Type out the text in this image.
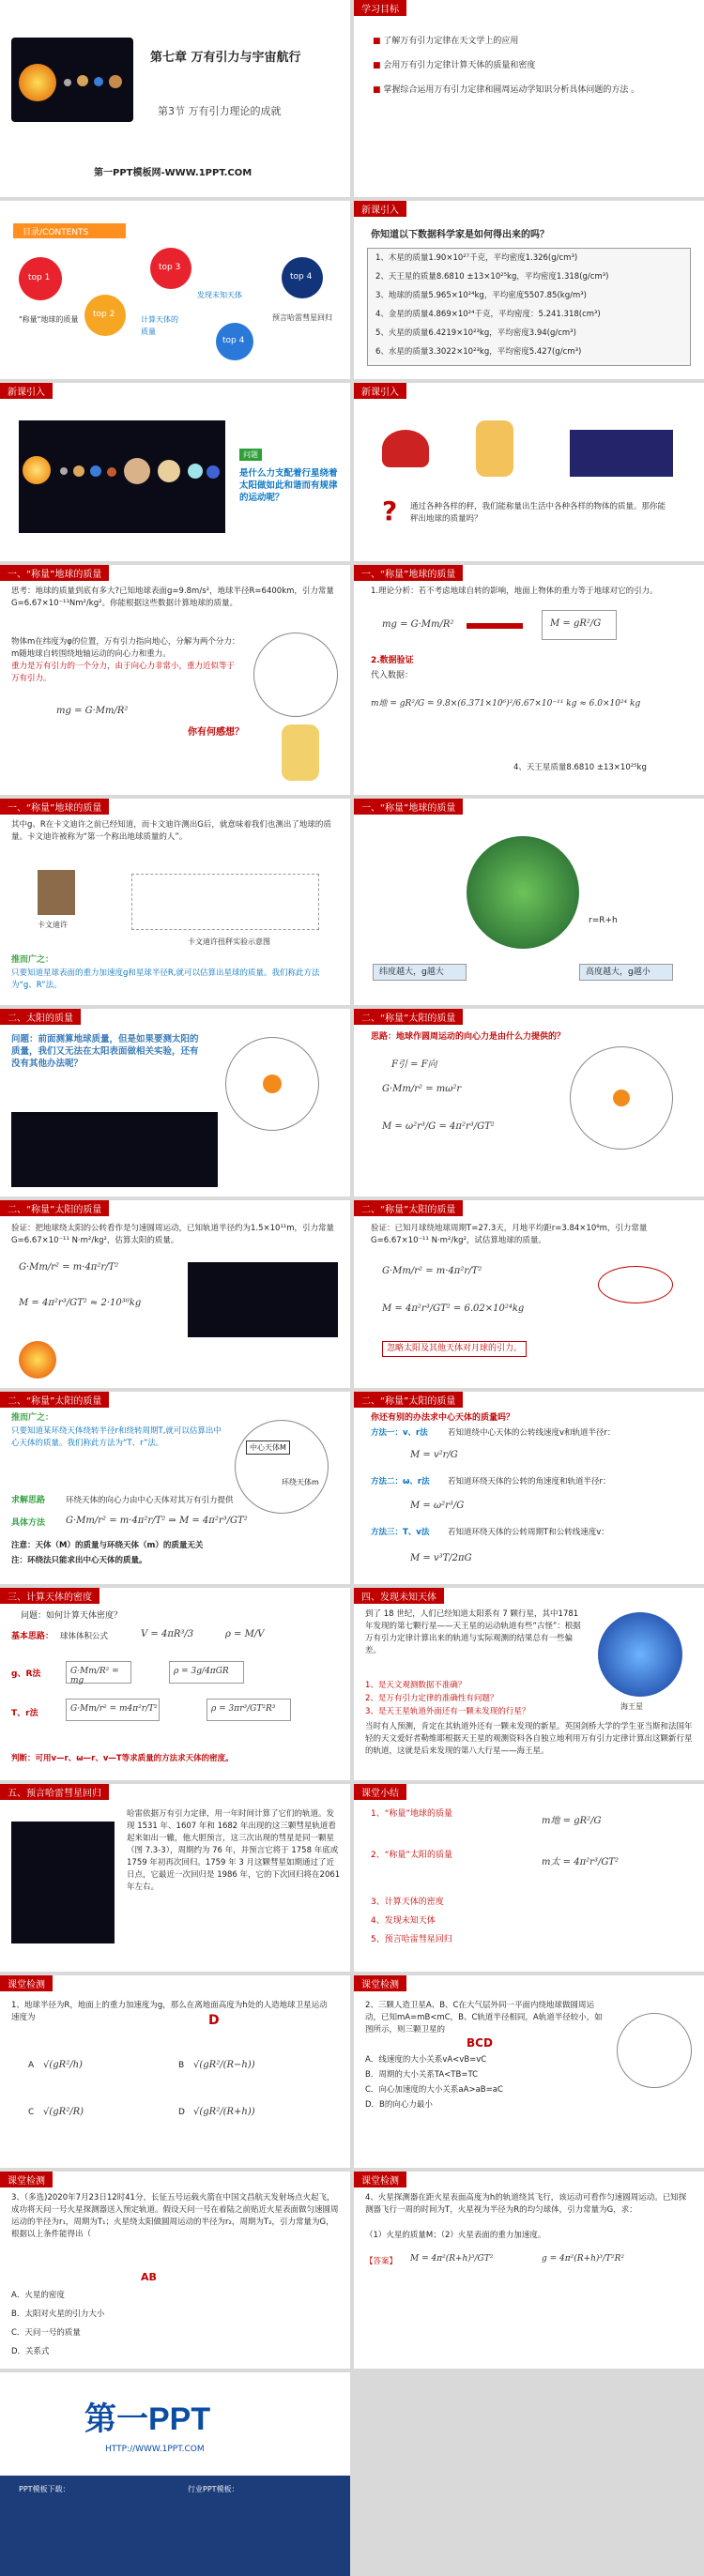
第七章 万有引力与宇宙航行
第3节 万有引力理论的成就
第一PPT模板网-WWW.1PPT.COM
学习目标
■ 了解万有引力定律在天文学上的应用
■ 会用万有引力定律计算天体的质量和密度
■ 掌握综合运用万有引力定律和圆周运动学知识分析具体问题的方法 。
目录/CONTENTS
top 1
top 2
top 3
top 4
top 4
"称量"地球的质量	计算天体的质量
发现未知天体
预言哈雷彗星回归
新课引入
你知道以下数据科学家是如何得出来的吗？
1、木星的质量1.90×10²⁷千克，平均密度1.326(g/cm³)
2、天王星的质量8.6810 ±13×10²⁵kg，平均密度1.318(g/cm³)
3、地球的质量5.965×10²⁴kg，平均密度5507.85(kg/m³)
4、金星的质量4.869×10²⁴千克，平均密度：5.241.318(cm³)
5、火星的质量6.4219×10²³kg，平均密度3.94(g/cm³)
6、水星的质量3.3022×10²³kg，平均密度5.427(g/cm³)
新课引入
问题
是什么力支配着行星绕着太阳做如此和谐而有规律的运动呢？
新课引入
? 通过各种各样的秤，我们能称量出生活中各种各样的物体的质量。那你能秤出地球的质量吗？
一、“称量”地球的质量
思考：地球的质量到底有多大?已知地球表面g=9.8m/s²，地球半径R=6400km，引力常量G=6.67×10⁻¹¹Nm²/kg²。你能根据这些数据计算地球的质量。
物体m在纬度为φ的位置，万有引力指向地心，分解为两个分力：m随地球自转围绕地轴运动的向心力和重力。
重力是万有引力的一个分力，由于向心力非常小，重力近似等于万有引力。
mg = G·Mm/R²
你有何感想？
一、“称量”地球的质量
1.理论分析：若不考虑地球自转的影响，地面上物体的重力等于地球对它的引力。
mg = G·Mm/R²	M = gR²/G
2.数据验证
代入数据：
m地 = gR²/G = 9.8×(6.371×10⁶)²/6.67×10⁻¹¹ kg ≈ 6.0×10²⁴ kg
4、天王星质量8.6810 ±13×10²⁵kg
一、“称量”地球的质量
其中g、R在卡文迪许之前已经知道，而卡文迪许测出G后，就意味着我们也测出了地球的质量。卡文迪许被称为“第一个称出地球质量的人”。
卡文迪许
卡文迪许扭秤实验示意图
推而广之：
只要知道星球表面的重力加速度g和星球半径R,就可以估算出星球的质量。我们称此方法为“g、R”法。
一、“称量”地球的质量
r=R+h
纬度越大，g越大	高度越大，g越小
二、太阳的质量
问题：前面测算地球质量，但是如果要测太阳的质量，我们又无法在太阳表面做相关实验，还有没有其他办法呢？
二、“称量”太阳的质量
思路：地球作圆周运动的向心力是由什么力提供的？
F引 = F向
G·Mm/r² = mω²r
M = ω²r³/G = 4π²r³/GT²
二、“称量”太阳的质量
验证：把地球绕太阳的公转看作是匀速圆周运动，已知轨道半径约为1.5×10¹¹m，引力常量G=6.67×10⁻¹¹ N·m²/kg²，估算太阳的质量。
G·Mm/r² = m·4π²r/T²
M = 4π²r³/GT² ≈ 2·10³⁰kg
二、“称量”太阳的质量
验证：已知月球绕地球周期T=27.3天，月地平均距r=3.84×10⁸m，引力常量G=6.67×10⁻¹¹ N·m²/kg²，试估算地球的质量。
G·Mm/r² = m·4π²r/T²
M = 4π²r³/GT² = 6.02×10²⁴kg
忽略太阳及其他天体对月球的引力。
二、“称量”太阳的质量
推而广之：
只要知道某环绕天体绕转半径r和绕转周期T,就可以估算出中心天体的质量。我们称此方法为“T、r”法。	中心天体M
环绕天体m
求解思路	环绕天体的向心力由中心天体对其万有引力提供
具体方法 G·Mm/r² = m·4π²r/T² ⇒ M = 4π²r³/GT²
注意：天体（M）的质量与环绕天体（m）的质量无关
注：环绕法只能求出中心天体的质量。
二、“称量”太阳的质量
你还有别的办法求中心天体的质量吗？
方法一：v、r法	若知道绕中心天体的公转线速度v和轨道半径r：
M = v²r/G
方法二：ω、r法 若知道环绕天体的公转的角速度和轨道半径r：
M = ω²r³/G
方法三：T、v法 若知道环绕天体的公转周期T和公转线速度v：
M = v³T/2πG
三、计算天体的密度
问题：如何计算天体密度？
基本思路： 球体体积公式	V = 4πR³/3	ρ = M/V
g、R法	G·Mm/R² = mg
ρ = 3g/4πGR
T、r法	G·Mm/r² = m4π²r/T²	ρ = 3πr³/GT²R³
判断：可用v—r、ω—r、v—T等求质量的方法求天体的密度。
四、发现未知天体
到了 18 世纪，人们已经知道太阳系有 7 颗行星，其中1781 年发现的第七颗行星——天王星的运动轨道有些“古怪”：根据万有引力定律计算出来的轨道与实际观测的结果总有一些偏差。
1、是天文观测数据不准确？
2、是万有引力定律的准确性有问题？
3、是天王星轨道外面还有一颗未发现的行星？
当时有人预测，肯定在其轨道外还有一颗未发现的新星。英国剑桥大学的学生亚当斯和法国年轻的天文爱好者勒维耶根据天王星的观测资料各自独立地利用万有引力定律计算出这颗新行星的轨道，这就是后来发现的第八大行星——海王星。
海王星
五、预言哈雷彗星回归
哈雷依据万有引力定律，用一年时间计算了它们的轨道。发现 1531 年、1607 年和 1682 年出现的这三颗彗星轨道看起来如出一辙，他大胆预言，这三次出现的彗星是同一颗星（图 7.3-3），周期约为 76 年，并预言它将于 1758 年底或 1759 年初再次回归。1759 年 3 月这颗彗星如期通过了近日点，它最近一次回归是 1986 年，它的下次回归将在2061年左右。
课堂小结
1、“称量”地球的质量
m地 = gR²/G
2、“称量”太阳的质量
m太 = 4π²r³/GT²
3、计算天体的密度
4、发现未知天体
5、预言哈雷彗星回归
课堂检测
1、地球半径为R，地面上的重力加速度为g，那么在离地面高度为h处的人造地球卫星运动速度为	D
A √(gR²/h)	B √(gR²/(R−h))
C √(gR²/R)	D √(gR²/(R+h))
课堂检测
2、三颗人造卫星A、B、C在大气层外同一平面内绕地球做圆周运动，已知mA=mB<mC，B、C轨道半径相同，A轨道半径较小，如图所示，则三颗卫星的
BCD
A．线速度的大小关系vA<vB=vC
B．周期的大小关系TA<TB=TC
C．向心加速度的大小关系aA>aB=aC
D．B的向心力最小
课堂检测
3、（多选)2020年7月23日12时41分，长征五号运载火箭在中国文昌航天发射场点火起飞，成功将天问一号火星探测器送入预定轨道。假设天问一号在着陆之前贴近火星表面做匀速圆周运动的半径为r₁，周期为T₁；火星绕太阳做圆周运动的半径为r₂，周期为T₂，引力常量为G，根据以上条件能得出（
AB
A．火星的密度
B．太阳对火星的引力大小
C．天问一号的质量
D．关系式
课堂检测
4、火星探测器在距火星表面高度为h的轨道绕其飞行，该运动可看作匀速圆周运动。已知探测器飞行一周的时间为T，火星视为半径为R的均匀球体，引力常量为G，求：
（1）火星的质量M；（2）火星表面的重力加速度。
【答案】 M = 4π²(R+h)³/GT²	g = 4π²(R+h)³/T²R²
第一PPT
HTTP://WWW.1PPT.COM
PPT模板下载：	行业PPT模板：
